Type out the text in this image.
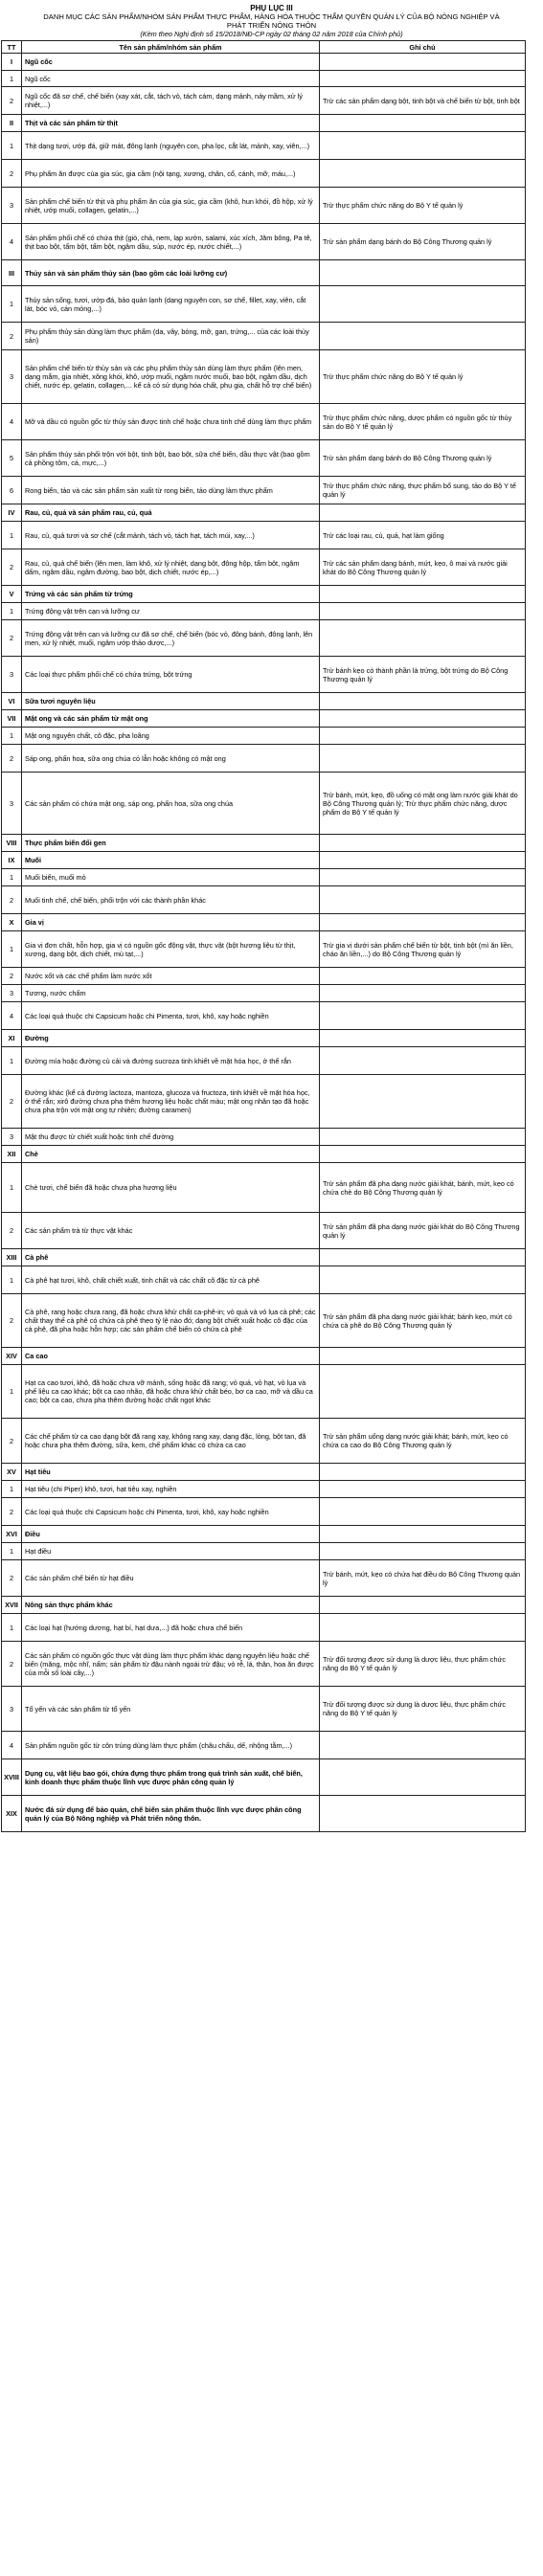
PHỤ LỤC III
DANH MỤC CÁC SẢN PHẨM/NHÓM SẢN PHẨM THỰC PHẨM, HÀNG HÓA THUỘC THẨM QUYỀN QUẢN LÝ CỦA BỘ NÔNG NGHIỆP VÀ PHÁT TRIỂN NÔNG THÔN
(Kèm theo Nghị định số 15/2018/NĐ-CP ngày 02 tháng 02 năm 2018 của Chính phủ)
TT	Tên sản phẩm/nhóm sản phẩm	Ghi chú
I	Ngũ cốc	
1	Ngũ cốc	
2	Ngũ cốc đã sơ chế, chế biến (xay xát, cắt, tách vỏ, tách cám, dạng mảnh, nảy mầm, xử lý nhiệt,...)	Trừ các sản phẩm dạng bột, tinh bột và chế biến từ bột, tinh bột
II	Thịt và các sản phẩm từ thịt	
1	Thịt dạng tươi, ướp đá, giữ mát, đông lạnh (nguyên con, pha lọc, cắt lát, mảnh, xay, viên,...)	
2	Phụ phẩm ăn được của gia súc, gia cầm (nội tạng, xương, chân, cổ, cánh, mỡ, máu,...)	
3	Sản phẩm chế biến từ thịt và phụ phẩm ăn của gia súc, gia cầm (khô, hun khói, đồ hộp, xử lý nhiệt, ướp muối, collagen, gelatin,...)	Trừ thực phẩm chức năng do Bộ Y tế quản lý
4	Sản phẩm phối chế có chứa thịt (giò, chả, nem, lạp xưởn, salami, xúc xích, Jăm bông, Pa tê, thịt bao bột, tẩm bột, tẩm bột, ngâm dầu, súp, nước ép, nước chiết,...)	Trừ sản phẩm dạng bánh do Bộ Công Thương quản lý
III	Thủy sản và sản phẩm thủy sản (bao gồm các loài lưỡng cư)	
1	Thủy sản sống, tươi, ướp đá, bảo quản lạnh (dạng nguyên con, sơ chế, fillet, xay, viên, cắt lát, bóc vỏ, cán mỏng,...)	
2	Phụ phẩm thủy sản dùng làm thực phẩm (da, vây, bóng, mỡ, gan, trứng,... của các loài thủy sản)	
3	Sản phẩm chế biến từ thủy sản và các phụ phẩm thủy sản dùng làm thực phẩm (lên men, dạng mắm, gia nhiệt, xông khói, khô, ướp muối, ngâm nước muối, bao bột, ngâm dầu, dịch chiết, nước ép, gelatin, collagen,... kể cả có sử dụng hóa chất, phụ gia, chất hỗ trợ chế biến)	Trừ thực phẩm chức năng do Bộ Y tế quản lý
4	Mỡ và dầu có nguồn gốc từ thủy sản được tinh chế hoặc chưa tinh chế dùng làm thực phẩm	Trừ thực phẩm chức năng, dược phẩm có nguồn gốc từ thủy sản do Bộ Y tế quản lý
5	Sản phẩm thủy sản phối trộn với bột, tinh bột, bao bột, sữa chế biến, dầu thực vật (bao gồm cả phồng tôm, cá, mực,...)	Trừ sản phẩm dạng bánh do Bộ Công Thương quản lý
6	Rong biển, tảo và các sản phẩm sản xuất từ rong biển, tảo dùng làm thực phẩm	Trừ thực phẩm chức năng, thực phẩm bổ sung, tảo do Bộ Y tế quản lý
IV	Rau, củ, quả và sản phẩm rau, củ, quả	
1	Rau, củ, quả tươi và sơ chế (cắt mảnh, tách vỏ, tách hạt, tách múi, xay,...)	Trừ các loại rau, củ, quả, hạt làm giống
2	Rau, củ, quả chế biến (lên men, làm khô, xử lý nhiệt, dạng bột, đông hộp, tẩm bột, ngâm dấm, ngâm dầu, ngâm đường, bao bột, dịch chiết, nước ép,...)	Trừ các sản phẩm dạng bánh, mứt, kẹo, ô mai và nước giải khát do Bộ Công Thương quản lý
V	Trứng và các sản phẩm từ trứng	
1	Trứng động vật trên cạn và lưỡng cư	
2	Trứng động vật trên cạn và lưỡng cư đã sơ chế, chế biến (bóc vỏ, đông bánh, đông lạnh, lên men, xử lý nhiệt, muối, ngâm ướp thảo dược,...)	
3	Các loại thực phẩm phối chế có chứa trứng, bột trứng	Trừ bánh kẹo có thành phần là trứng, bột trứng do Bộ Công Thương quản lý
VI	Sữa tươi nguyên liệu	
VII	Mật ong và các sản phẩm từ mật ong	
1	Mật ong nguyên chất, cô đặc, pha loãng	
2	Sáp ong, phấn hoa, sữa ong chúa có lẫn hoặc không có mật ong	
3	Các sản phẩm có chứa mật ong, sáp ong, phấn hoa, sữa ong chúa	Trừ bánh, mứt, kẹo, đồ uống có mật ong làm nước giải khát do Bộ Công Thương quản lý; Trừ thực phẩm chức năng, dược phẩm do Bộ Y tế quản lý
VIII	Thực phẩm biến đổi gen	
IX	Muối	
1	Muối biển, muối mỏ	
2	Muối tinh chế, chế biến, phối trộn với các thành phần khác	
X	Gia vị	
1	Gia vị đơn chất, hỗn hợp, gia vị có nguồn gốc động vật, thực vật (bột hương liệu từ thịt, xương, dạng bột, dịch chiết, mù tạt,...)	Trừ gia vị dưới sản phẩm chế biến từ bột, tinh bột (mì ăn liền, cháo ăn liền,...) do Bộ Công Thương quản lý
2	Nước xốt và các chế phẩm làm nước xốt	
3	Tương, nước chấm	
4	Các loại quả thuộc chi Capsicum hoặc chi Pimenta, tươi, khô, xay hoặc nghiền	
XI	Đường	
1	Đường mía hoặc đường củ cải và đường sucroza tinh khiết về mặt hóa học, ở thể rắn	
2	Đường khác (kể cả đường lactoza, mantoza, glucoza và fructoza, tinh khiết về mặt hóa học, ở thể rắn; xirô đường chưa pha thêm hương liệu hoặc chất màu; mật ong nhân tạo đã hoặc chưa pha trộn với mật ong tự nhiên; đường caramen)	
3	Mật thu được từ chiết xuất hoặc tinh chế đường	
XII	Chè	
1	Chè tươi, chế biến đã hoặc chưa pha hương liệu	Trừ sản phẩm đã pha dạng nước giải khát, bánh, mứt, kẹo có chứa chè do Bộ Công Thương quản lý
2	Các sản phẩm trà từ thực vật khác	Trừ sản phẩm đã pha dạng nước giải khát do Bộ Công Thương quản lý
XIII	Cà phê	
1	Cà phê hạt tươi, khô, chất chiết xuất, tinh chất và các chất cô đặc từ cà phê	
2	Cà phê, rang hoặc chưa rang, đã hoặc chưa khử chất ca-phê-in; vỏ quả và vỏ lụa cà phê; các chất thay thế cà phê có chứa cà phê theo tỷ lệ nào đó; dạng bột chiết xuất hoặc cô đặc của cà phê, đã pha hoặc hỗn hợp; các sản phẩm chế biến có chứa cà phê	Trừ sản phẩm đã pha dạng nước giải khát; bánh kẹo, mứt có chứa cà phê do Bộ Công Thương quản lý
XIV	Ca cao	
1	Hạt ca cao tươi, khô, đã hoặc chưa vỡ mảnh, sống hoặc đã rang; vỏ quả, vỏ hạt, vỏ lụa và phế liệu ca cao khác; bột ca cao nhão, đã hoặc chưa khử chất béo, bơ ca cao, mỡ và dầu ca cao; bột ca cao, chưa pha thêm đường hoặc chất ngọt khác	
2	Các chế phẩm từ ca cao dạng bột đã rang xay, không rang xay, dạng đặc, lỏng, bột tan, đã hoặc chưa pha thêm đường, sữa, kem, chế phẩm khác có chứa ca cao	Trừ sản phẩm uống dạng nước giải khát; bánh, mứt, kẹo có chứa ca cao do Bộ Công Thương quản lý
XV	Hạt tiêu	
1	Hạt tiêu (chi Piper) khô, tươi, hạt tiêu xay, nghiền	
2	Các loại quả thuộc chi Capsicum hoặc chi Pimenta, tươi, khô, xay hoặc nghiền	
XVI	Điều	
1	Hạt điều	
2	Các sản phẩm chế biến từ hạt điều	Trừ bánh, mứt, kẹo có chứa hạt điều do Bộ Công Thương quản lý
XVII	Nông sản thực phẩm khác	
1	Các loại hạt (hướng dương, hạt bí, hạt dưa,...) đã hoặc chưa chế biến	
2	Các sản phẩm có nguồn gốc thực vật dùng làm thực phẩm khác dạng nguyên liệu hoặc chế biến (măng, mộc nhĩ, nấm; sản phẩm từ đậu nành ngoài trừ đậu; vỏ rễ, lá, thân, hoa ăn được của mỗi số loài cây,...)	Trừ đối tượng được sử dụng là dược liệu, thực phẩm chức năng do Bộ Y tế quản lý
3	Tổ yến và các sản phẩm từ tổ yến	Trừ đối tượng được sử dụng là dược liệu, thực phẩm chức năng do Bộ Y tế quản lý
4	Sản phẩm nguồn gốc từ côn trùng dùng làm thực phẩm (châu chấu, dế, nhộng tằm,...)	
XVIII	Dụng cụ, vật liệu bao gói, chứa đựng thực phẩm trong quá trình sản xuất, chế biến, kinh doanh thực phẩm thuộc lĩnh vực được phân công quản lý	
XIX	Nước đá sử dụng để bảo quản, chế biến sản phẩm thuộc lĩnh vực được phân công quản lý của Bộ Nông nghiệp và Phát triển nông thôn.	
